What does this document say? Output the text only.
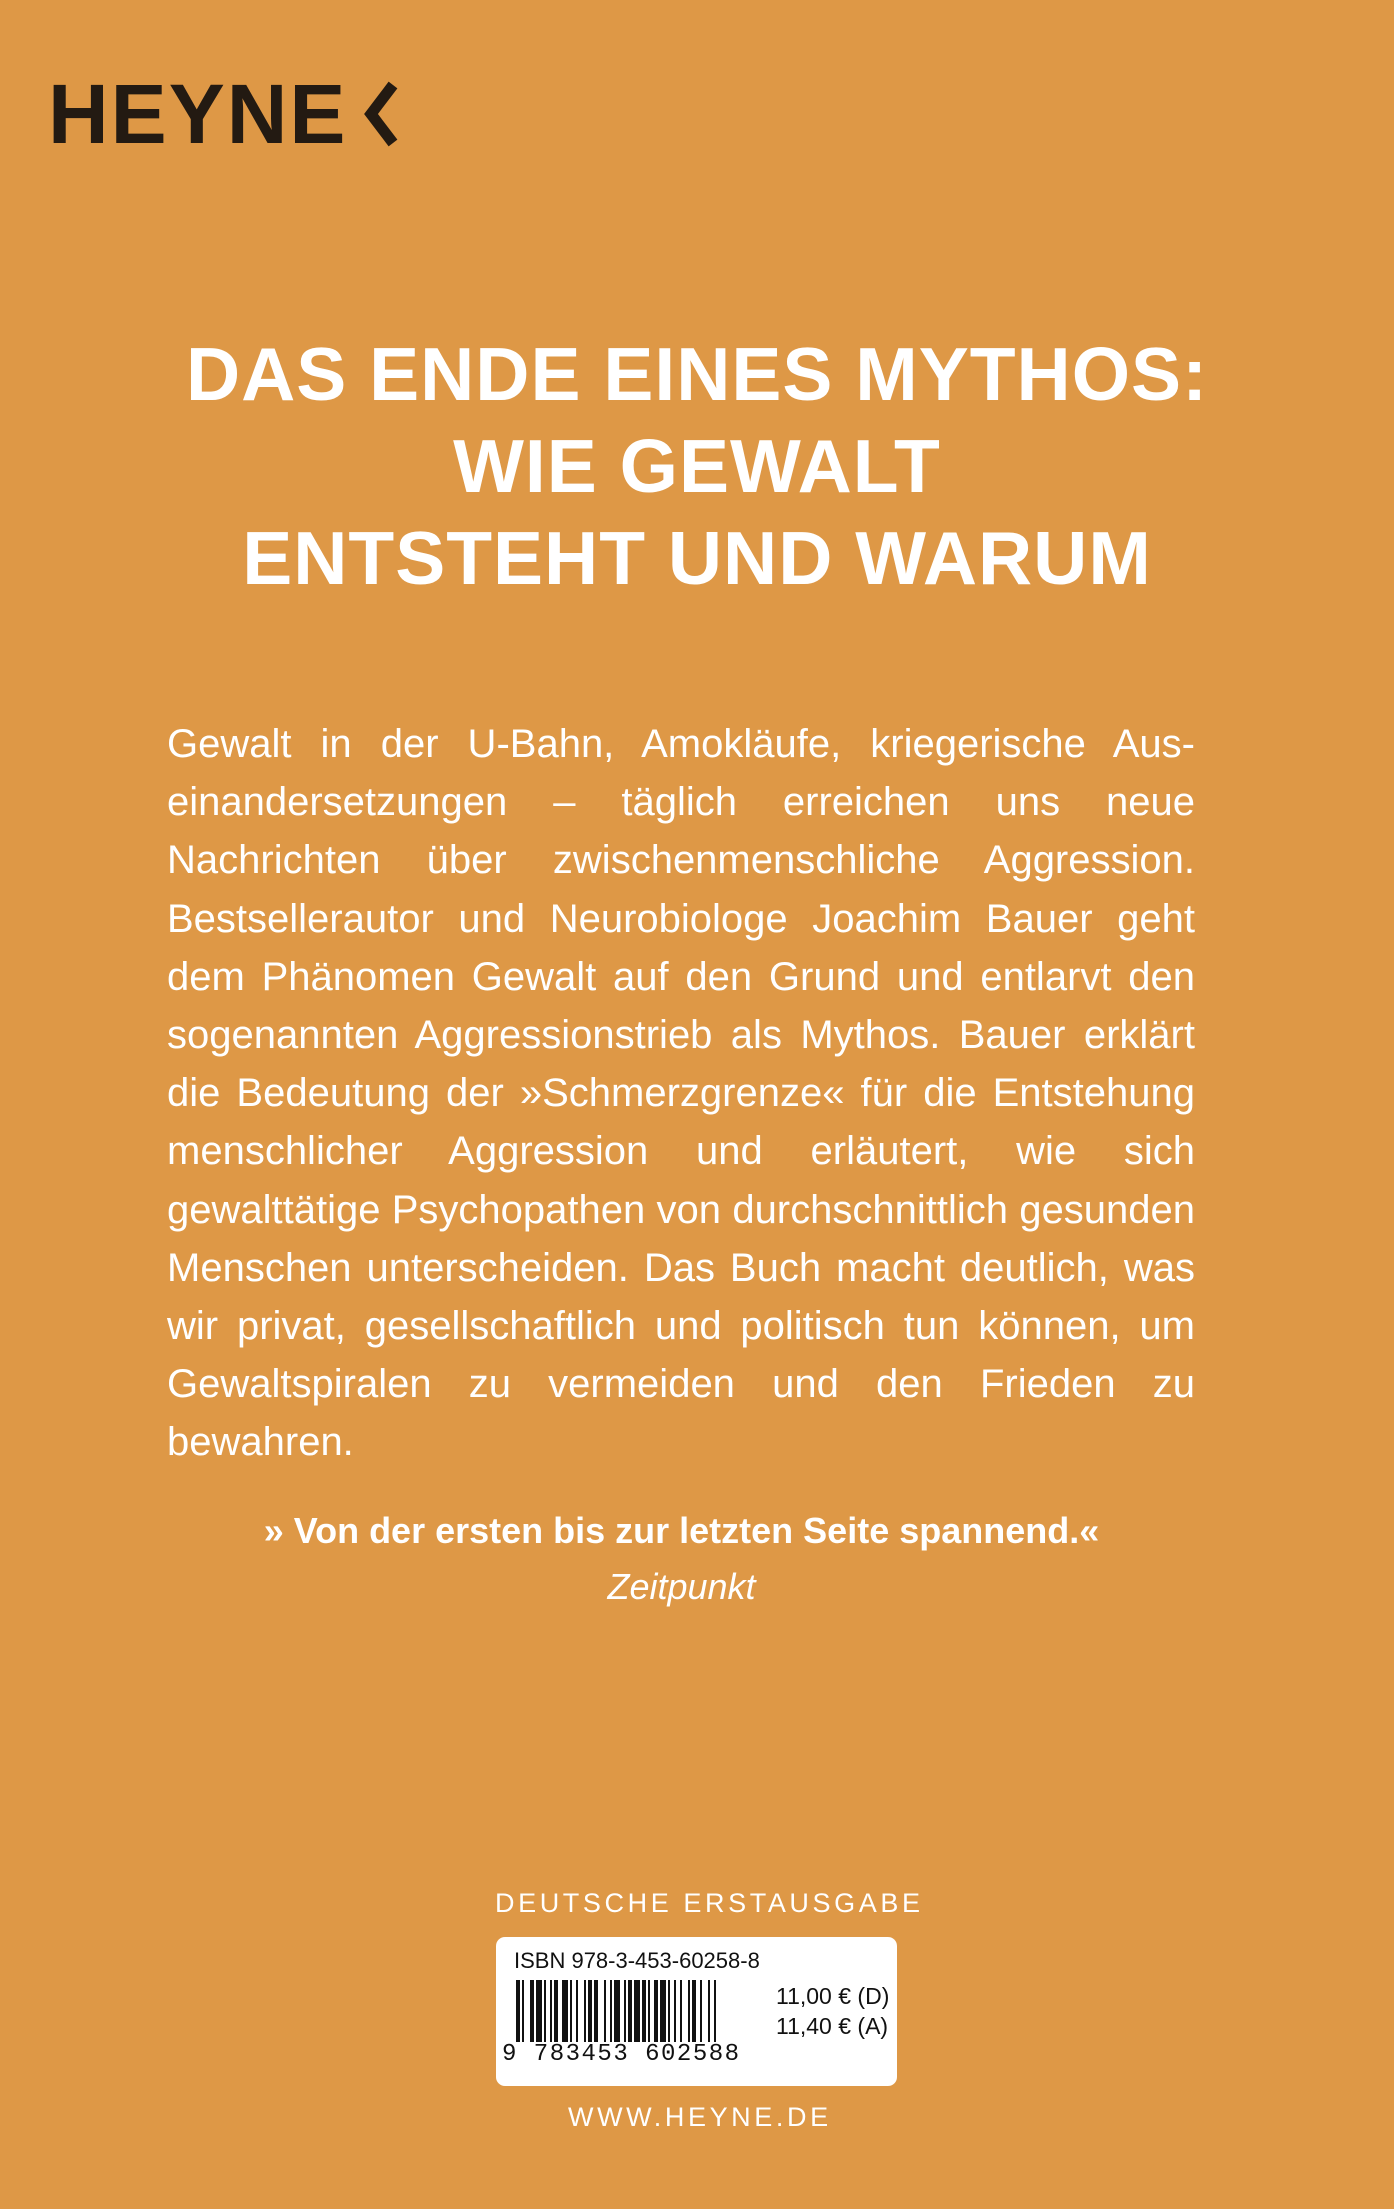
HEYNE
DAS ENDE EINES MYTHOS:
WIE GEWALT
ENTSTEHT UND WARUM

Gewalt in der U-Bahn, Amokläufe, kriegerische Auseinandersetzungen – täglich erreichen uns neue Nachrichten über zwischenmenschliche Aggression. Bestsellerautor und Neurobiologe Joachim Bauer geht dem Phänomen Gewalt auf den Grund und entlarvt den sogenannten Aggressionstrieb als Mythos. Bauer erklärt die Bedeutung der »Schmerzgrenze« für die Entstehung menschlicher Aggression und erläutert, wie sich gewalttätige Psychopathen von durchschnittlich gesunden Menschen unterscheiden. Das Buch macht deutlich, was wir privat, gesellschaftlich und politisch tun können, um Gewaltspiralen zu vermeiden und den Frieden zu bewahren.

» Von der ersten bis zur letzten Seite spannend.«
Zeitpunkt
DEUTSCHE ERSTAUSGABE
ISBN 978-3-453-60258-8
9 783453 602588
11,00 € (D)
11,40 € (A)
WWW.HEYNE.DE
